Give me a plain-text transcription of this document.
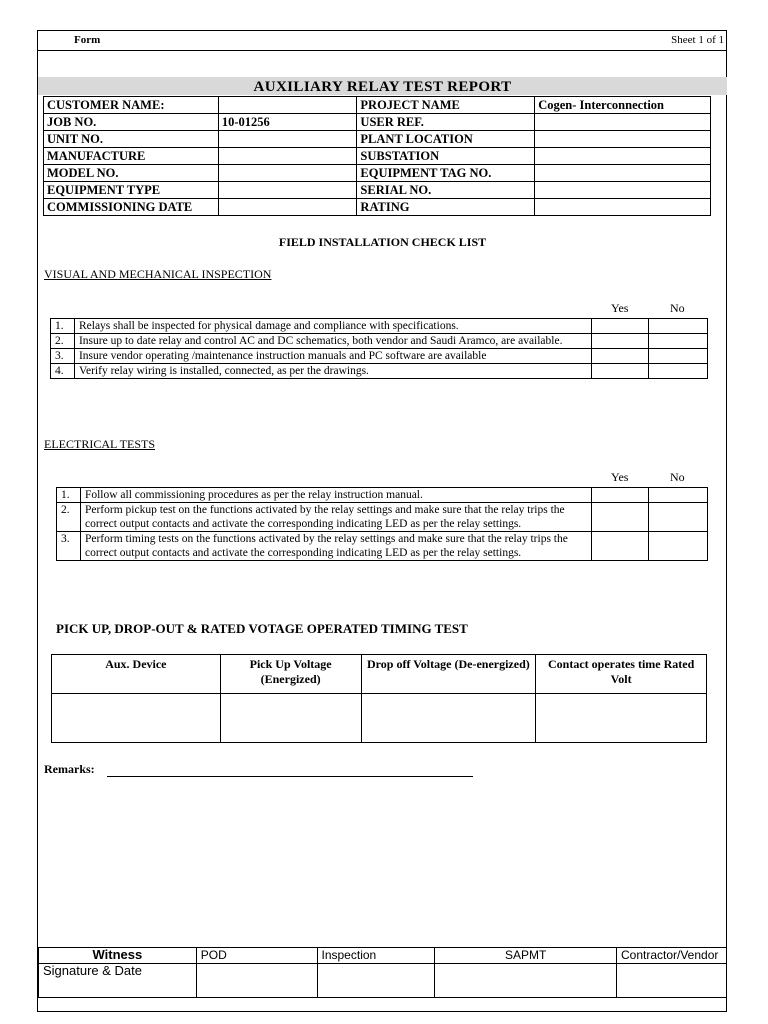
Form	Sheet 1 of 1
AUXILIARY RELAY TEST REPORT
CUSTOMER NAME:		PROJECT NAME	Cogen- Interconnection
JOB NO.	10-01256	USER REF.	
UNIT NO.		PLANT LOCATION	
MANUFACTURE		SUBSTATION	
MODEL NO.		EQUIPMENT TAG NO.	
EQUIPMENT TYPE		SERIAL NO.	
COMMISSIONING DATE		RATING	
FIELD INSTALLATION CHECK LIST
VISUAL AND MECHANICAL INSPECTION
Yes	No
1.	Relays shall be inspected for physical damage and compliance with specifications.		
2.	Insure up to date relay and control AC and DC schematics, both vendor and Saudi Aramco, are available.		
3.	Insure vendor operating /maintenance instruction manuals and PC software are available		
4.	Verify relay wiring is installed, connected, as per the drawings.		
ELECTRICAL TESTS
Yes	No
1.	Follow all commissioning procedures as per the relay instruction manual.		
2.	Perform pickup test on the functions activated by the relay settings and make sure that the relay trips the correct output contacts and activate the corresponding indicating LED as per the relay settings.		
3.	Perform timing tests on the functions activated by the relay settings and make sure that the relay trips the correct output contacts and activate the corresponding indicating LED as per the relay settings.		
PICK UP, DROP-OUT & RATED VOTAGE OPERATED TIMING TEST
Aux. Device	Pick Up Voltage (Energized)	Drop off Voltage (De-energized)	Contact operates time Rated Volt

Remarks:
Witness	POD	Inspection	SAPMT	Contractor/Vendor
Signature & Date				
